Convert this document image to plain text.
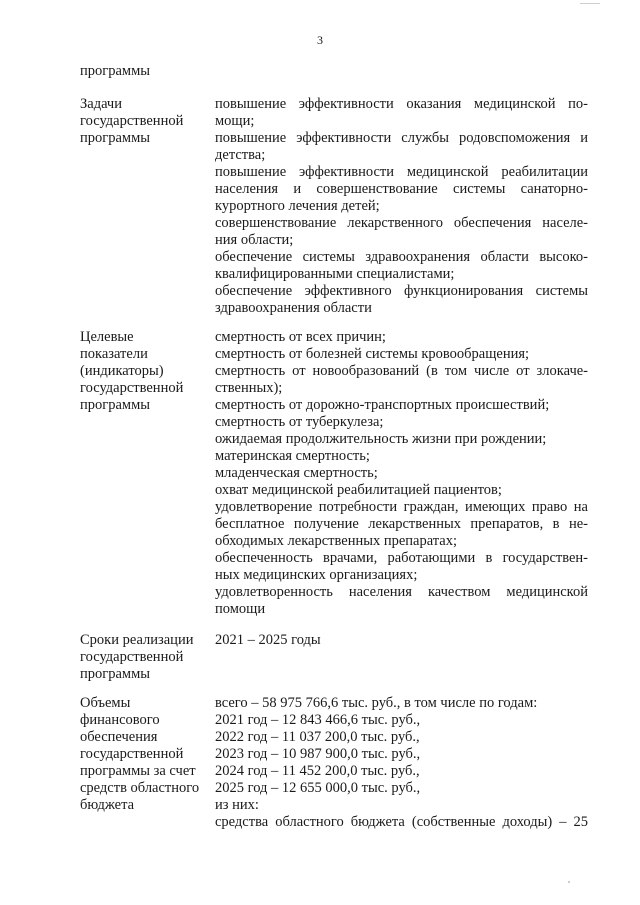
3
программы
Задачи
государственной
программы
повышение эффективности оказания медицинской по-
мощи;
повышение эффективности службы родовспоможения и
детства;
повышение эффективности медицинской реабилитации
населения и совершенствование системы санаторно-
курортного лечения детей;
совершенствование лекарственного обеспечения населе-
ния области;
обеспечение системы здравоохранения области высоко-
квалифицированными специалистами;
обеспечение эффективного функционирования системы
здравоохранения области
Целевые
показатели
(индикаторы)
государственной
программы
смертность от всех причин;
смертность от болезней системы кровообращения;
смертность от новообразований (в том числе от злокаче-
ственных);
смертность от дорожно-транспортных происшествий;
смертность от туберкулеза;
ожидаемая продолжительность жизни при рождении;
материнская смертность;
младенческая смертность;
охват медицинской реабилитацией пациентов;
удовлетворение потребности граждан, имеющих право на
бесплатное получение лекарственных препаратов, в не-
обходимых лекарственных препаратах;
обеспеченность врачами, работающими в государствен-
ных медицинских организациях;
удовлетворенность населения качеством медицинской
помощи
Сроки реализации
государственной
программы
2021 – 2025 годы
Объемы
финансового
обеспечения
государственной
программы за счет
средств областного
бюджета
всего – 58 975 766,6 тыс. руб., в том числе по годам:
2021 год – 12 843 466,6 тыс. руб.,
2022 год – 11 037 200,0 тыс. руб.,
2023 год – 10 987 900,0 тыс. руб.,
2024 год – 11 452 200,0 тыс. руб.,
2025 год – 12 655 000,0 тыс. руб.,
из них:
средства областного бюджета (собственные доходы) – 25
